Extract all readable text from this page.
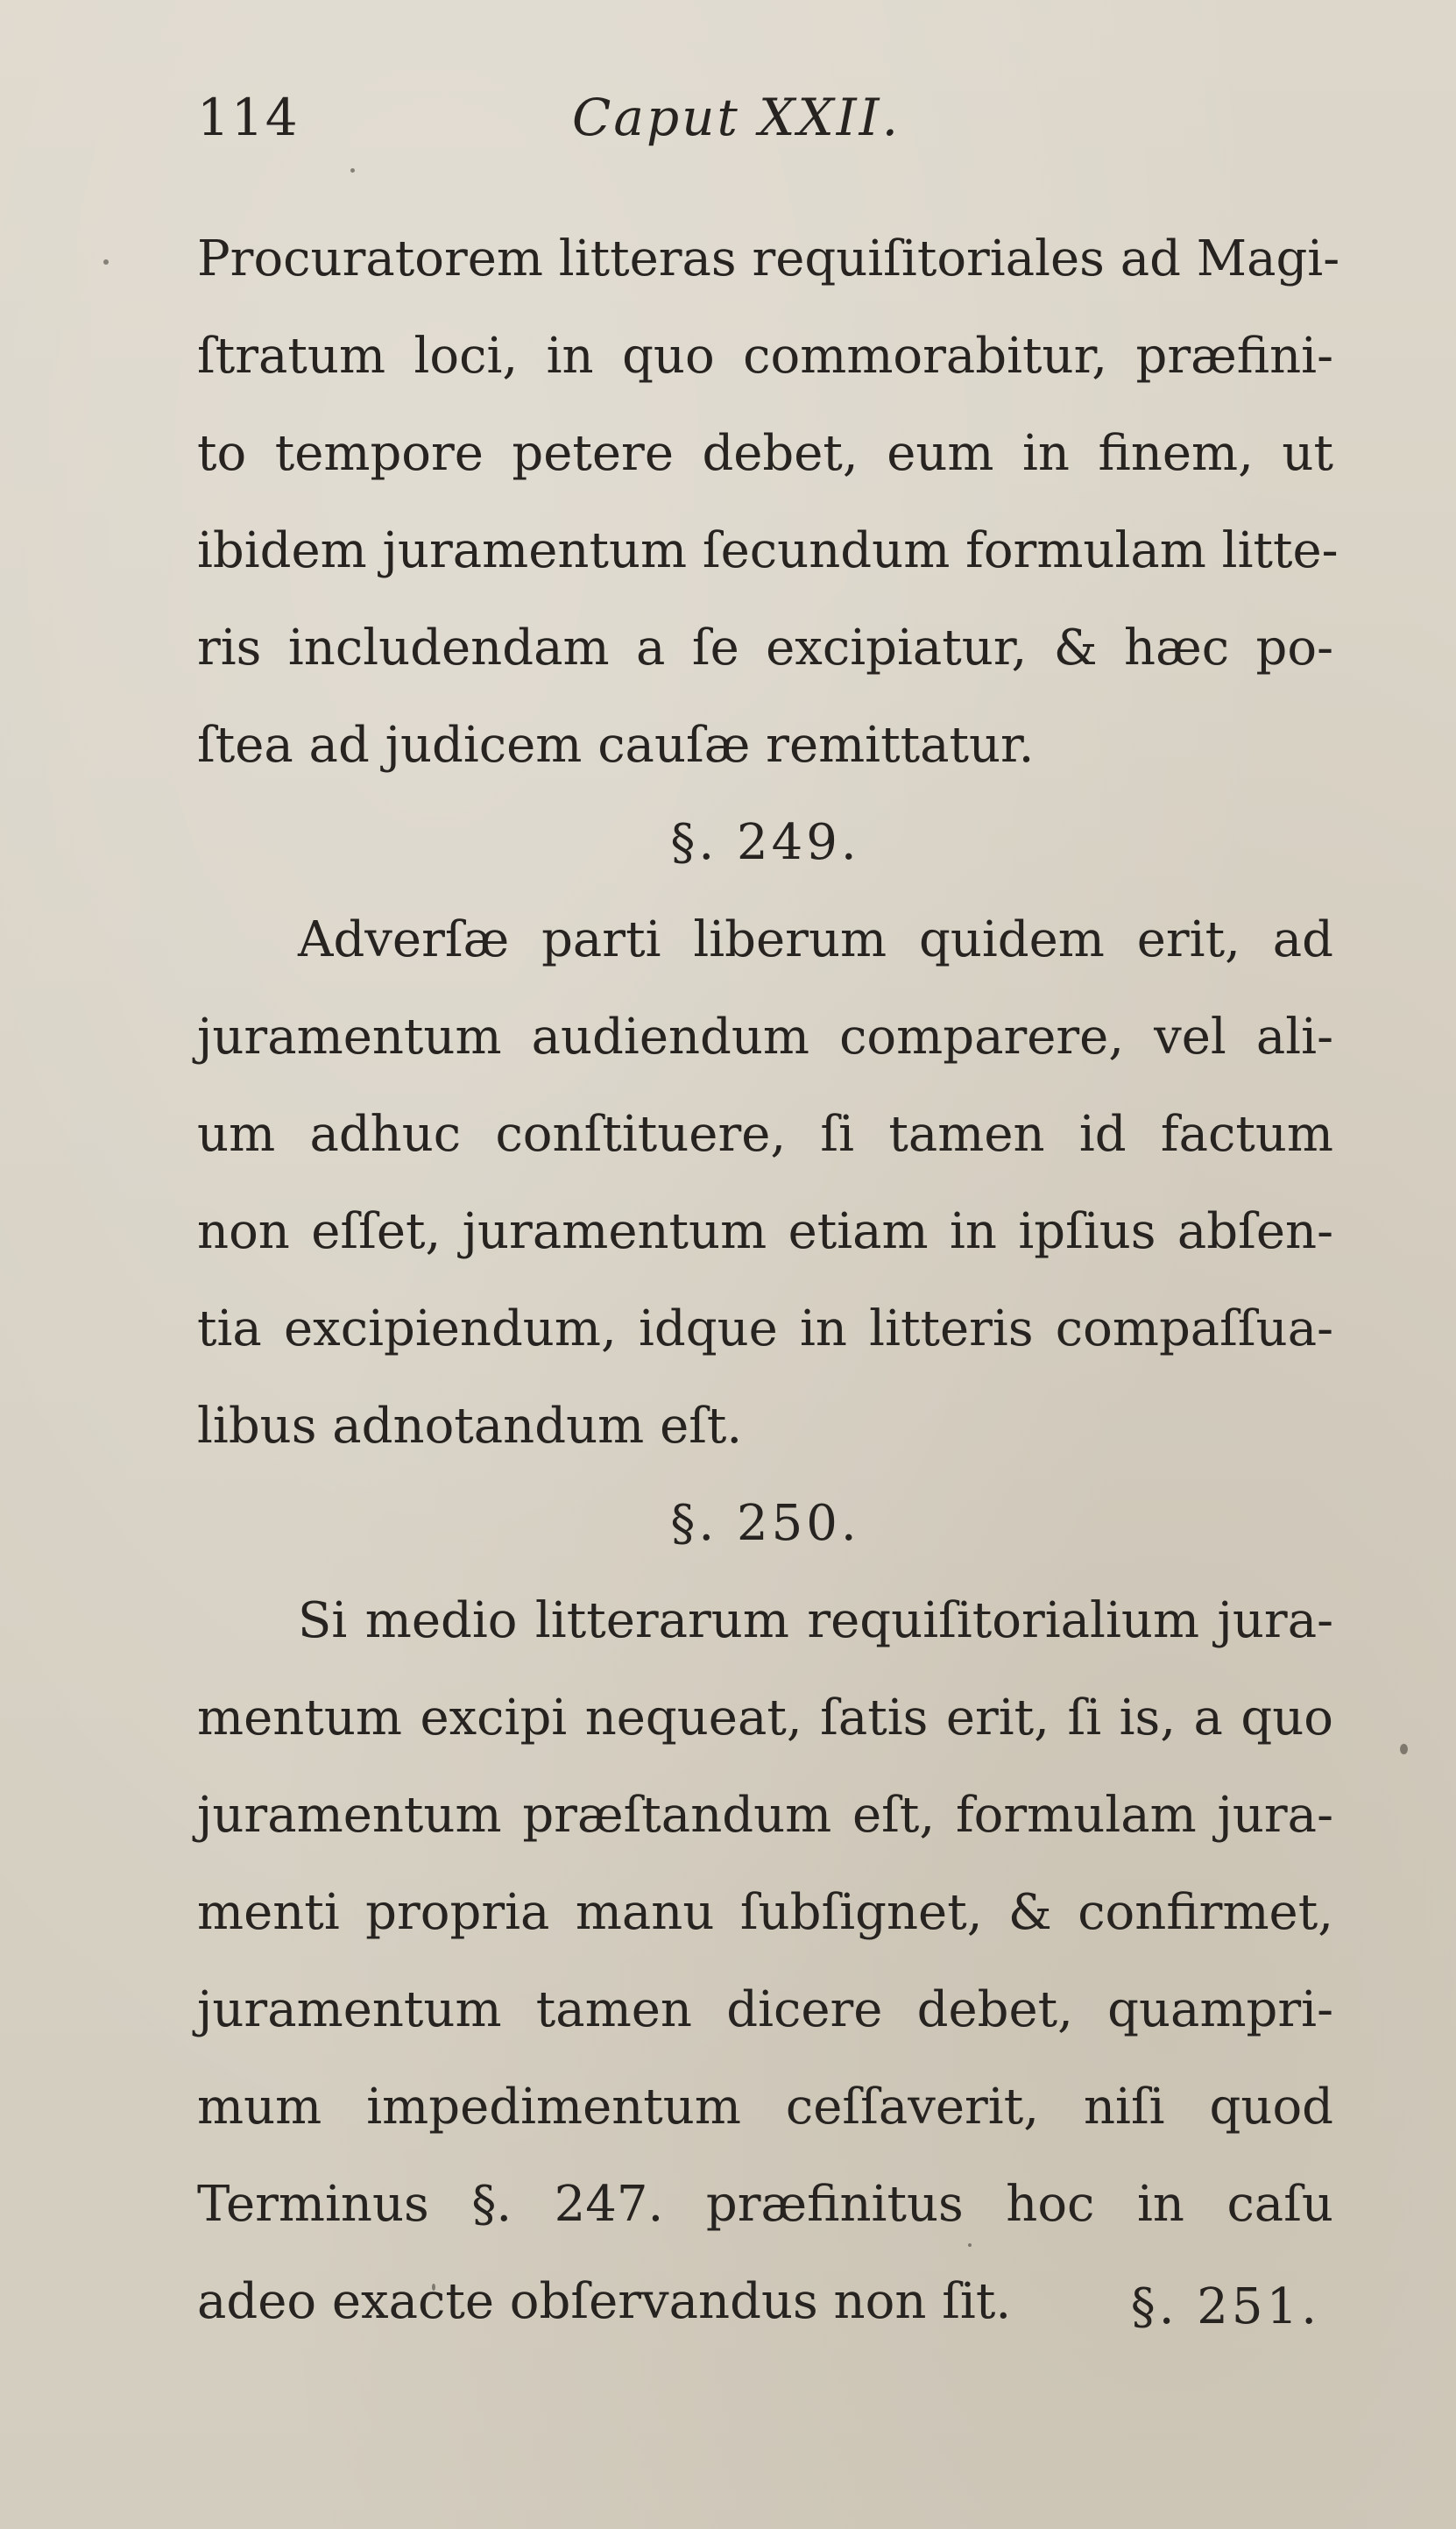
114	Caput XXII.
Procuratorem litteras requiſitoriales ad Magi-
ſtratum loci, in quo commorabitur, præfini-
to tempore petere debet, eum in finem, ut
ibidem juramentum ſecundum formulam litte-
ris includendam a ſe excipiatur, & hæc po-
ſtea ad judicem cauſæ remittatur.
§. 249.
Adverſæ parti liberum quidem erit, ad
juramentum audiendum comparere, vel ali-
um adhuc conſtituere, ſi tamen id factum
non eſſet, juramentum etiam in ipſius abſen-
tia excipiendum, idque in litteris compaſſua-
libus adnotandum eſt.
§. 250.
Si medio litterarum requiſitorialium jura-
mentum excipi nequeat, ſatis erit, ſi is, a quo
juramentum præſtandum eſt, formulam jura-
menti propria manu ſubſignet, & confirmet,
juramentum tamen dicere debet, quampri-
mum impedimentum ceſſaverit, niſi quod
Terminus §. 247. præfinitus hoc in caſu
adeo exacte obſervandus non ſit.	§. 251.
